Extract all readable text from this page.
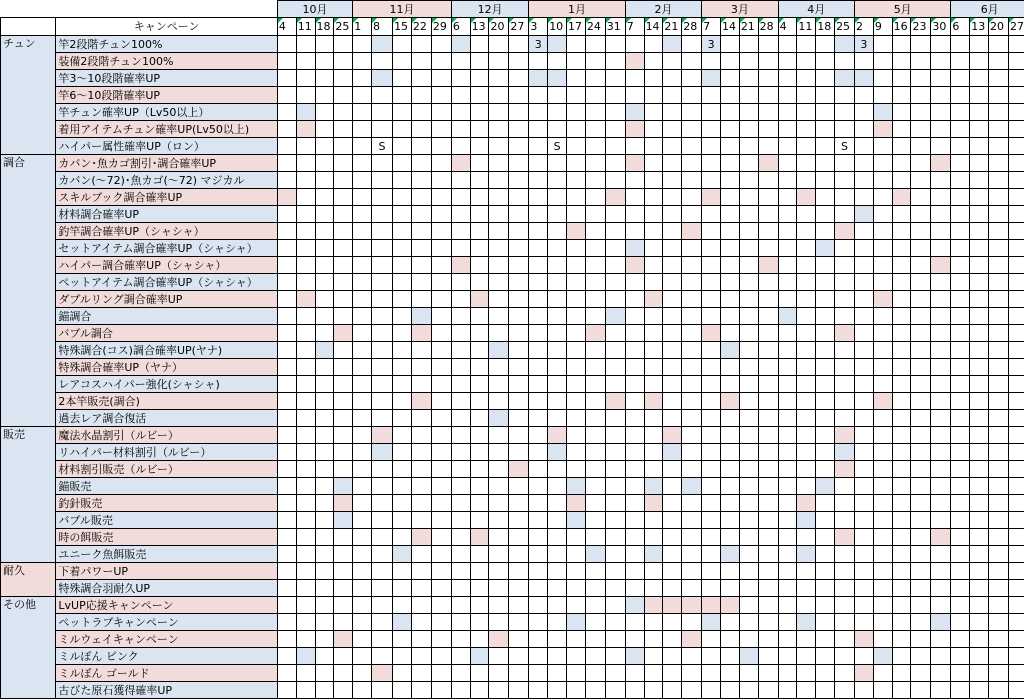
		10月				11月					12月				1月					2月				3月				4月				5月					6月			
	キャンペーン	4	11	18	25	1	8	15	22	29	6	13	20	27	3	10	17	24	31	7	14	21	28	7	14	21	28	4	11	18	25	2	9	16	23	30	6	13	20	27
チュン	竿2段階チュン100%														3									3								3								
	装備2段階チュン100%																																							
	竿3～10段階確率UP																																							
	竿6～10段階確率UP																																							
	竿チュン確率UP（Lv50以上）																																							
	着用アイテムチュン確率UP(Lv50以上)																																							
	ハイパー属性確率UP（ロン）						S									S															S									
調合	カバン･魚カゴ割引･調合確率UP																																							
	カバン(～72)･魚カゴ(～72) マジカル																																							
	スキルブック調合確率UP																																							
	材料調合確率UP																																							
	釣竿調合確率UP（シャシャ）																																							
	セットアイテム調合確率UP（シャシャ）																																							
	ハイパー調合確率UP（シャシャ）																																							
	ペットアイテム調合確率UP（シャシャ）																																							
	ダブルリング調合確率UP																																							
	錨調合																																							
	バブル調合																																							
	特殊調合(コス)調合確率UP(ヤナ)																																							
	特殊調合確率UP（ヤナ）																																							
	レアコスハイパー強化(シャシャ)																																							
	2本竿販売(調合)																																							
	過去レア調合復活																																							
販売	魔法水晶割引（ルビー）																																							
	リハイパー材料割引（ルビー）																																							
	材料割引販売（ルビー）																																							
	錨販売																																							
	釣針販売																																							
	バブル販売																																							
	時の餌販売																																							
	ユニーク魚餌販売																																							
耐久	下着パワーUP																																							
	特殊調合羽耐久UP																																							
その他	LvUP応援キャンペーン																																							
	ペットラブキャンペーン																																							
	ミルウェイキャンペーン																																							
	ミルぽん ピンク																																							
	ミルぽん ゴールド																																							
	古びた原石獲得確率UP																																							
